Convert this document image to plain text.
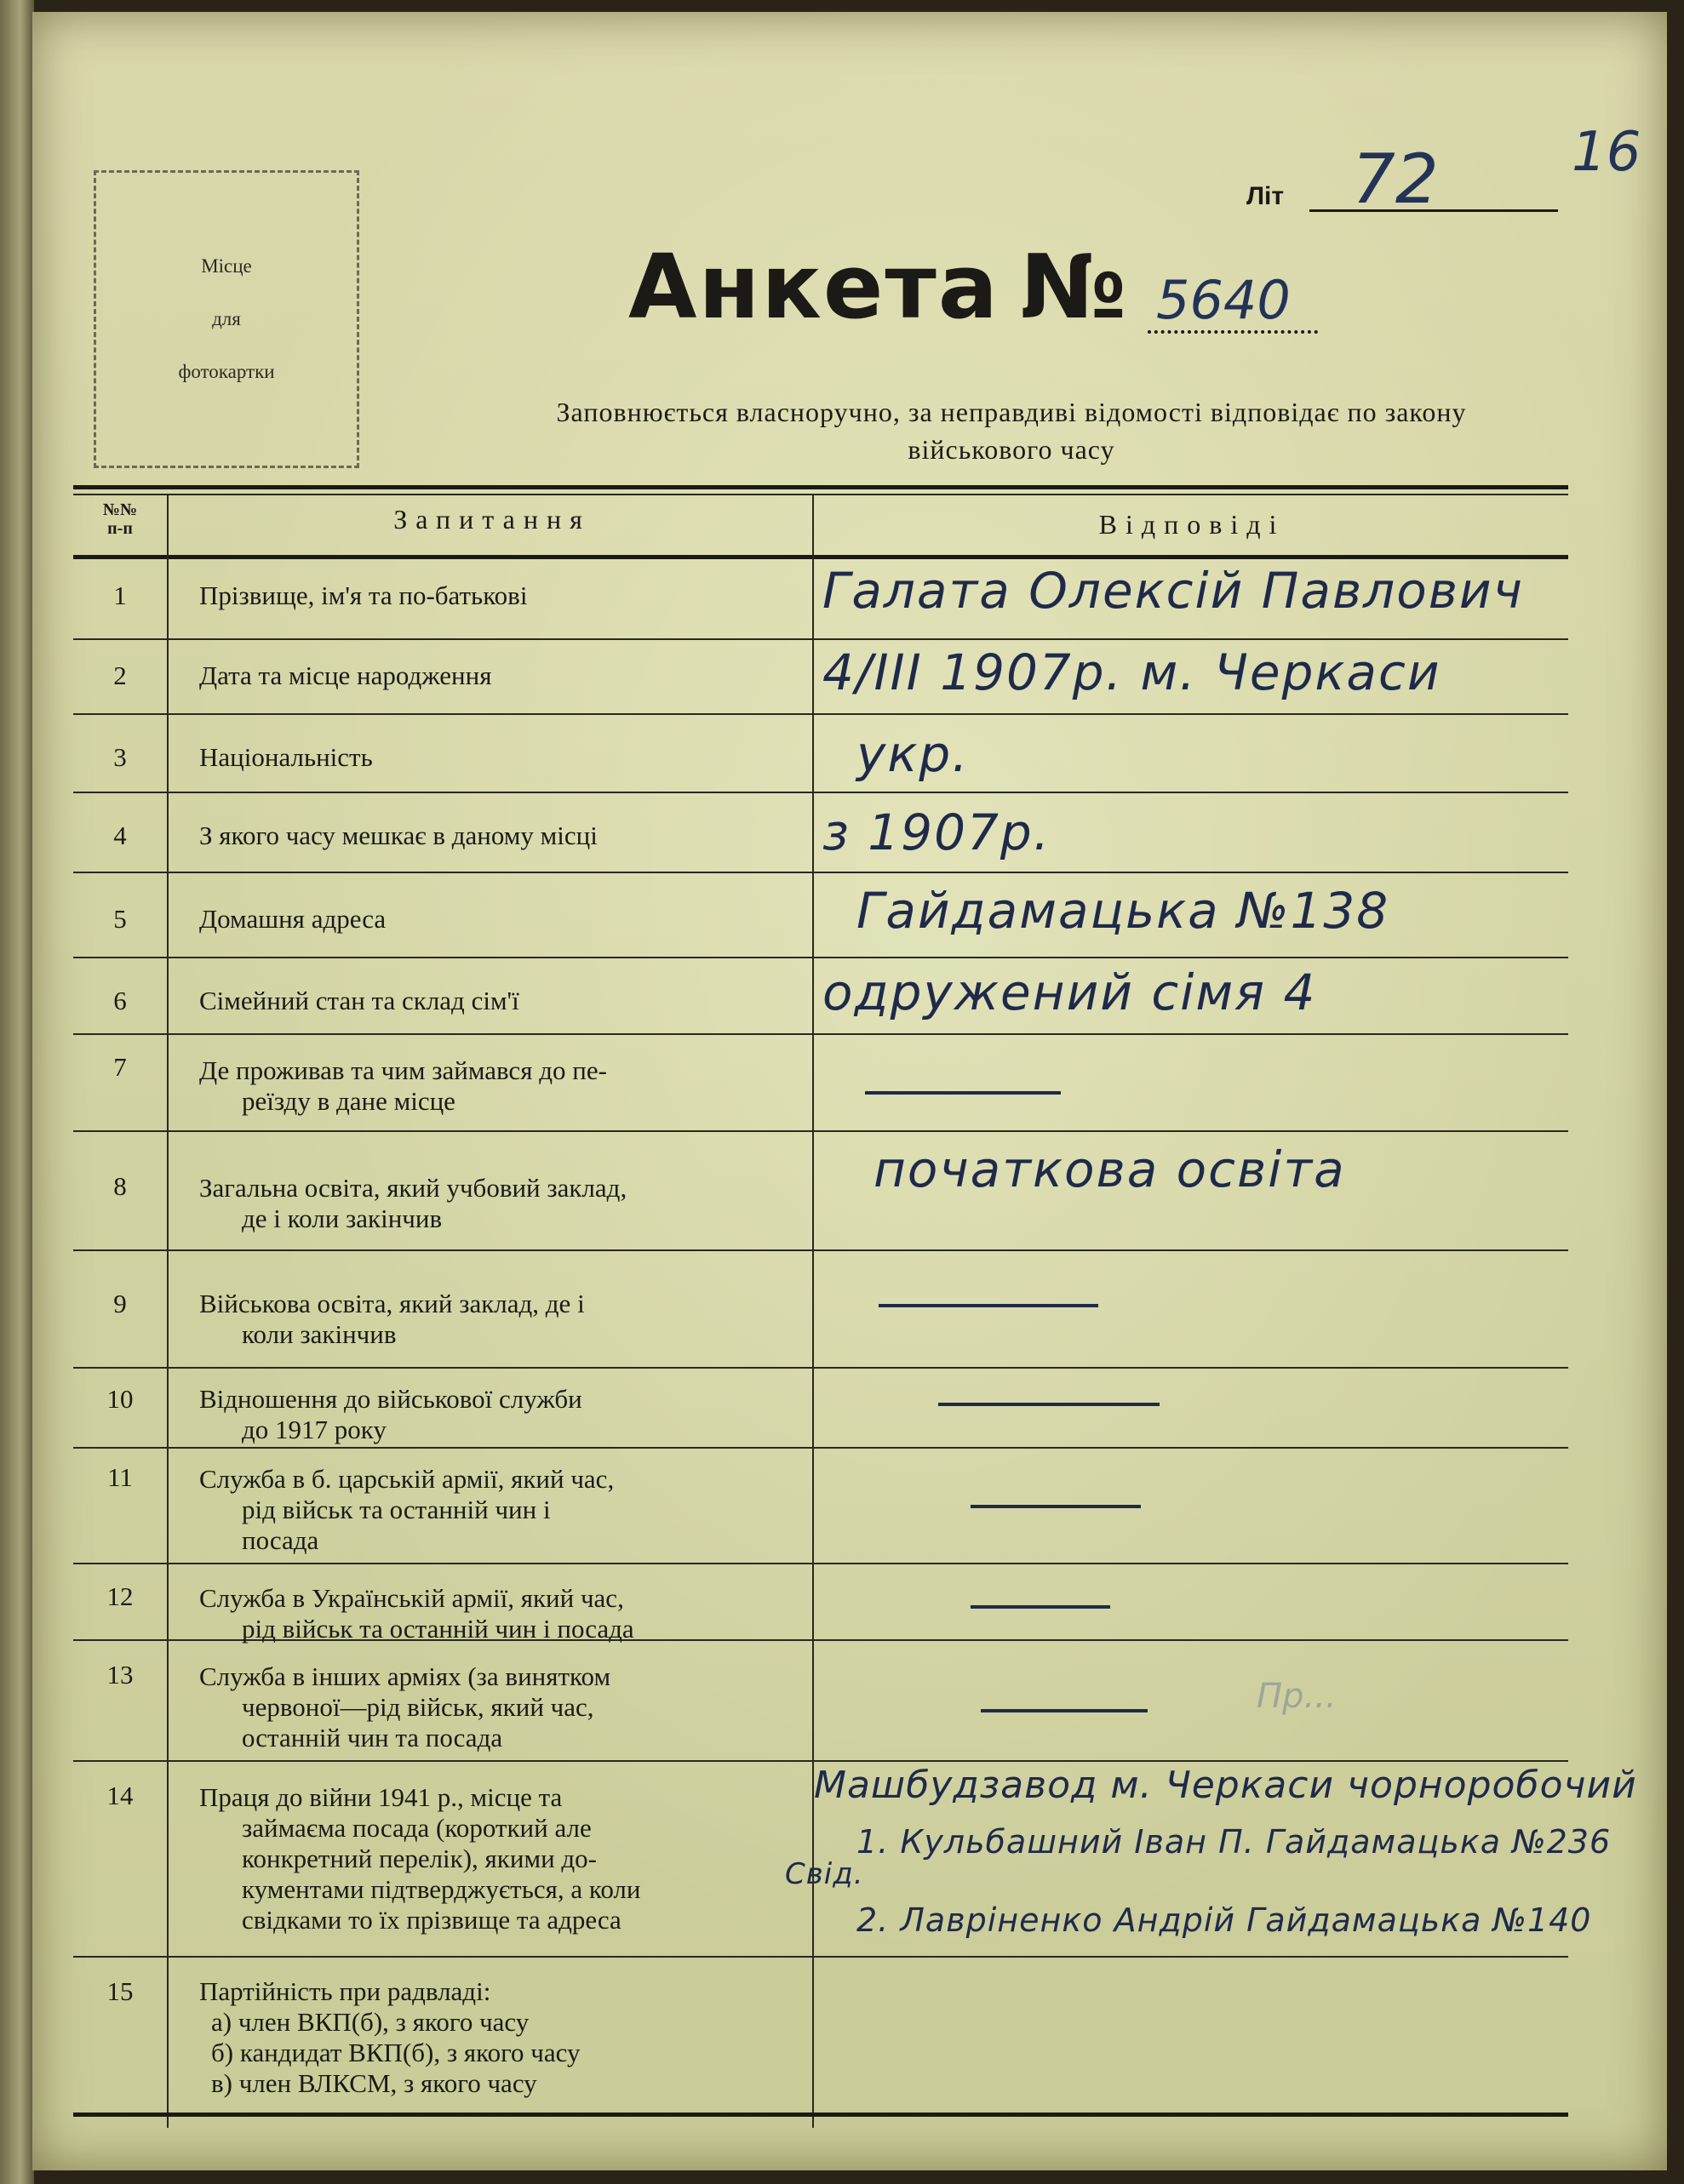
Місце
для
фотокартки
Літ 72 16
Анкета № 5640
Заповнюється власноручно, за неправдиві відомості відповідає по закону
військового часу
№№
п-п	Запитання	Відповіді
1	Прізвище, ім'я та по-батькові	Галата Олексій Павлович
2	Дата та місце народження	4/III 1907р. м. Черкаси
3	Національність	укр.
4	З якого часу мешкає в даному місці	з 1907р.
5	Домашня адреса	Гайдамацька №138
6	Сімейний стан та склад сім'ї	одружений сімя 4
7	Де проживав та чим займався до пе-
реїзду в дане місце
8	Загальна освіта, який учбовий заклад,
де і коли закінчив
початкова освіта
9	Військова освіта, який заклад, де і
коли закінчив
10	Відношення до військової служби
до 1917 року
11	Служба в б. царській армії, який час,
рід військ та останній чин і
посада
12	Служба в Українській армії, який час,
рід військ та останній чин і посада
13	Служба в інших арміях (за винятком
червоної—рід військ, який час,
останній чин та посада
Пр...
14	Праця до війни 1941 р., місце та
займаєма посада (короткий але
конкретний перелік), якими до-
кументами підтверджується, а коли
свідками то їх прізвище та адреса
Машбудзавод м. Черкаси чорноробочий
1. Кульбашний Іван П. Гайдамацька №236
Свід.
2. Лавріненко Андрій Гайдамацька №140
15	Партійність при радвладі:
а) член ВКП(б), з якого часу
б) кандидат ВКП(б), з якого часу
в) член ВЛКСМ, з якого часу
